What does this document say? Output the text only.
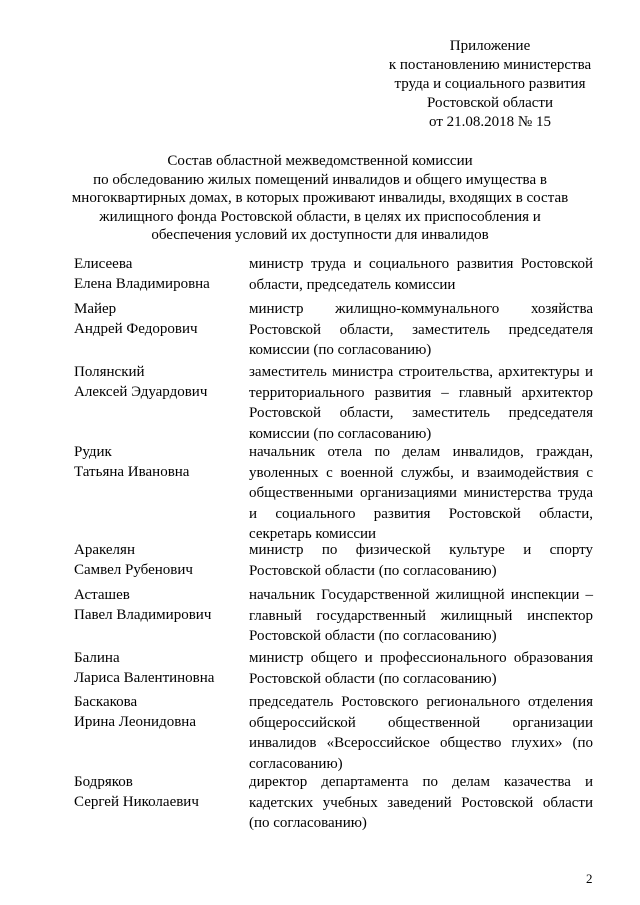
Приложение
к постановлению министерства
труда и социального развития
Ростовской области
от 21.08.2018 № 15
Состав областной межведомственной комиссии
по обследованию жилых помещений инвалидов и общего имущества в
многоквартирных домах, в которых проживают инвалиды, входящих в состав
жилищного фонда Ростовской области, в целях их приспособления и
обеспечения условий их доступности для инвалидов
Елисеева
Елена Владимировна
министр труда и социального развития Ростовской области, председатель комиссии
Майер
Андрей Федорович
министр жилищно-коммунального хозяйства Ростовской области, заместитель председателя комиссии (по согласованию)
Полянский
Алексей Эдуардович
заместитель министра строительства, архитектуры и территориального развития – главный архитектор Ростовской области, заместитель председателя комиссии (по согласованию)
Рудик
Татьяна Ивановна
начальник отела по делам инвалидов, граждан, уволенных с военной службы, и взаимодействия с общественными организациями министерства труда и социального развития Ростовской области, секретарь комиссии
Аракелян
Самвел Рубенович
министр по физической культуре и спорту Ростовской области (по согласованию)
Асташев
Павел Владимирович
начальник Государственной жилищной инспекции – главный государственный жилищный инспектор Ростовской области (по согласованию)
Балина
Лариса Валентиновна
министр общего и профессионального образования Ростовской области (по согласованию)
Баскакова
Ирина Леонидовна
председатель Ростовского регионального отделения общероссийской общественной организации инвалидов «Всероссийское общество глухих» (по согласованию)
Бодряков
Сергей Николаевич
директор департамента по делам казачества и кадетских учебных заведений Ростовской области (по согласованию)
2
